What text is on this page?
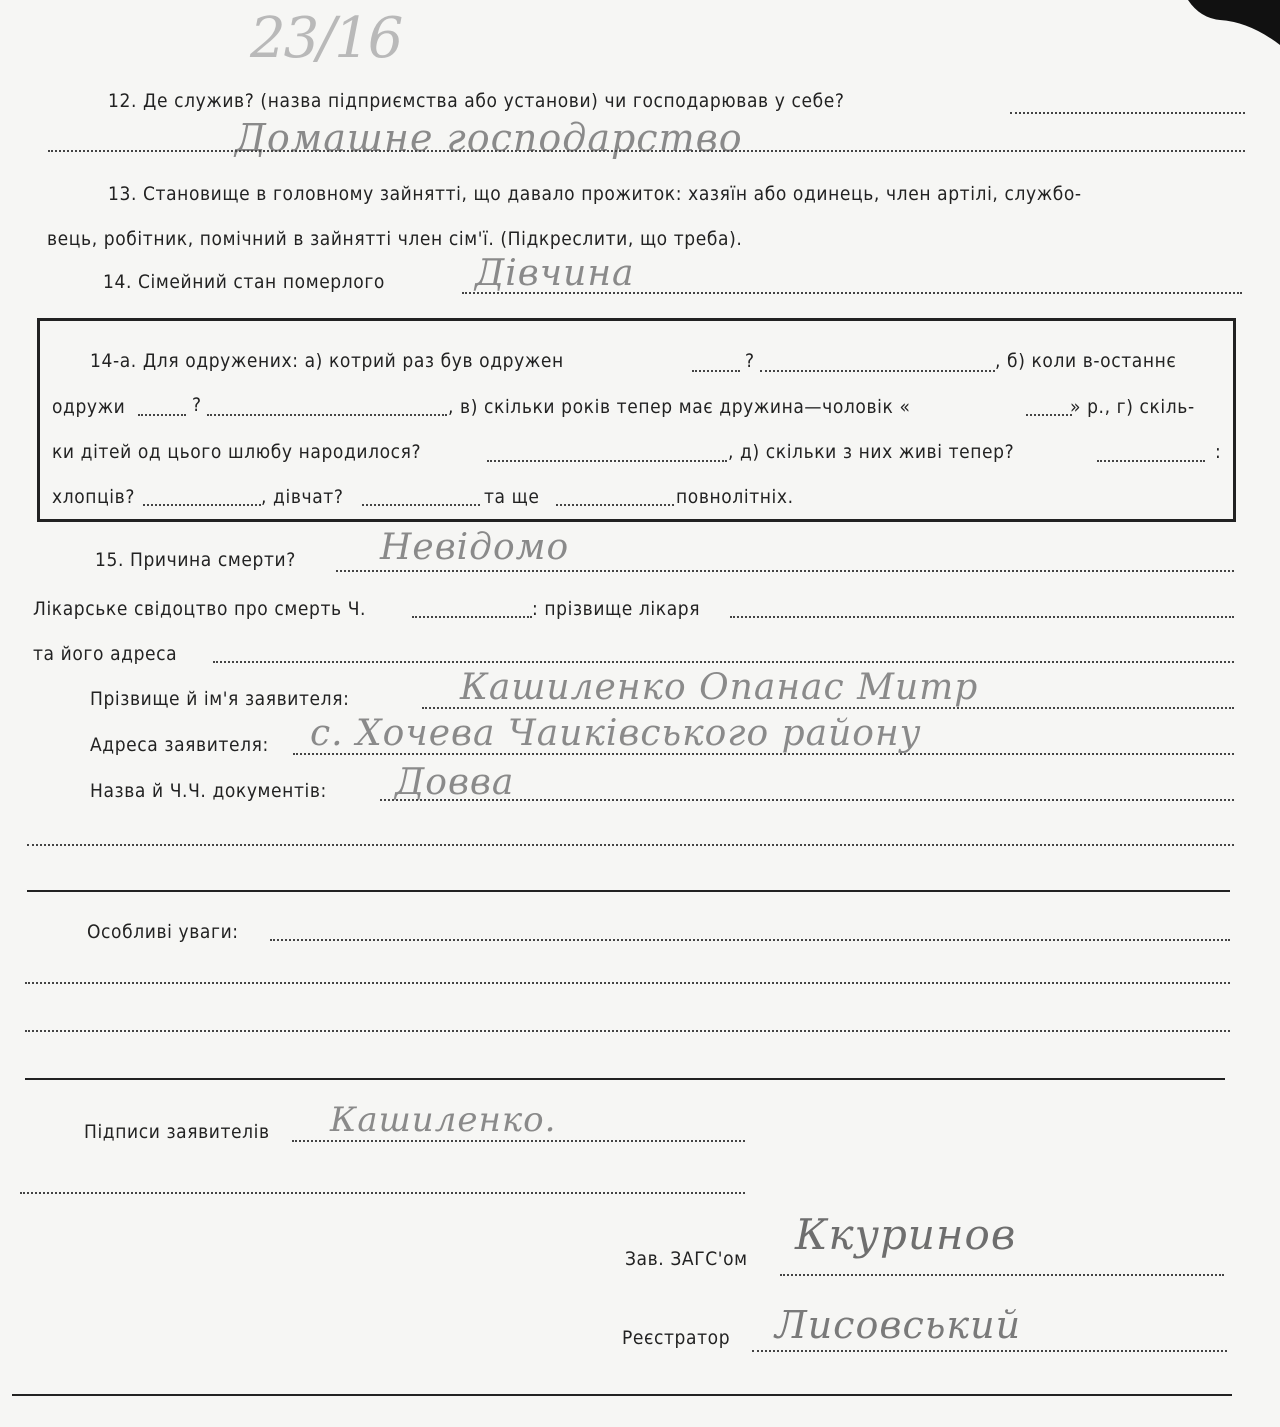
23/16
12. Де служив? (назва підприємства або установи) чи господарював у себе?
Домашне господарство
13. Становище в головному зайнятті, що давало прожиток: хазяїн або одинець, член артілі, службо-
вець, робітник, помічний в зайнятті член сім'ї. (Підкреслити, що треба).
14. Сімейний стан померлого	Дівчина
14-а. Для одружених: а) котрий раз був одружен	?	, б) коли в-останнє
одружи	?	, в) скільки років тепер має дружина—чоловік «	» р., г) скіль-
ки дітей од цього шлюбу народилося?	, д) скільки з них живі тепер?	:
хлопців?	, дівчат?	та ще	повнолітніх.
15. Причина смерти? Невідомо
Лікарське свідоцтво про смерть Ч.	: прізвище лікаря
та його адреса
Прізвище й ім'я заявителя:	Кашиленко Опанас Митр
Адреса заявителя: с. Хочева Чаиківського району
Назва й Ч.Ч. документів: Довва
Особливі уваги:
Підписи заявителів Кашиленко.
Зав. ЗАГС'ом Ккуринов
Реєстратор Лисовський
